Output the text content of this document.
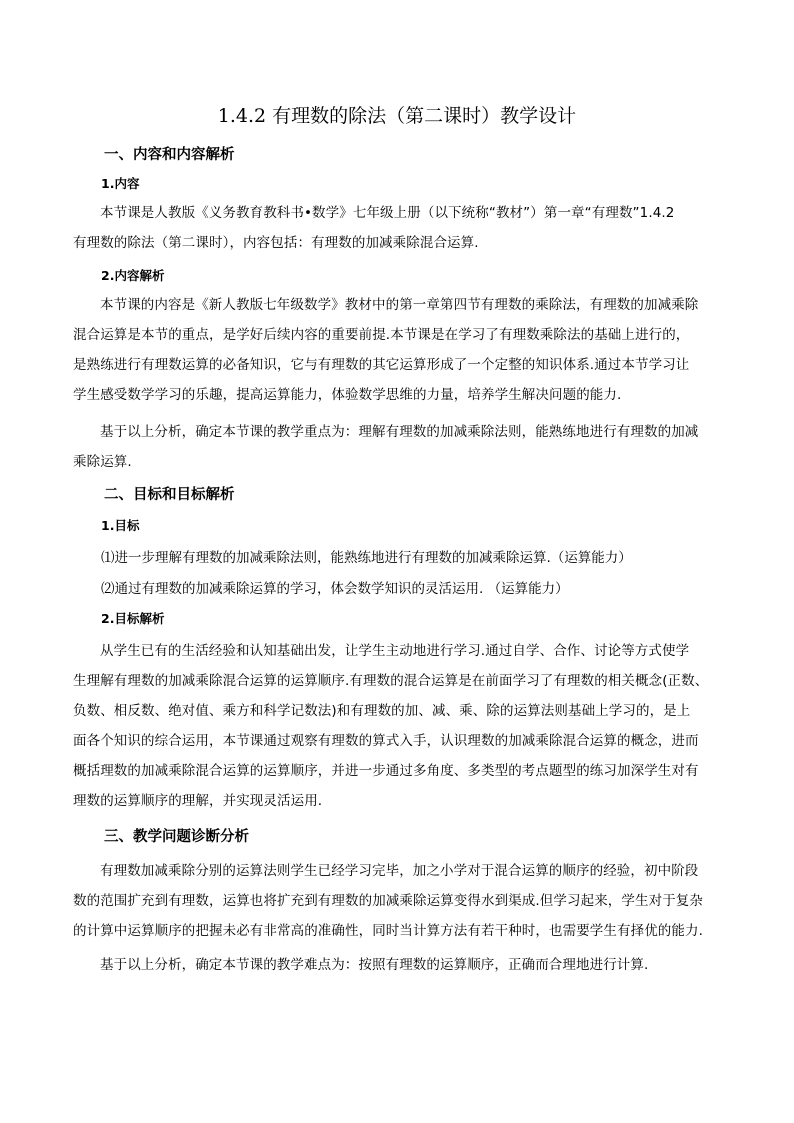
1.4.2 有理数的除法（第二课时）教学设计
一、内容和内容解析
1.内容
本节课是人教版《义务教育教科书•数学》七年级上册（以下统称“教材”）第一章“有理数”1.4.2
有理数的除法（第二课时），内容包括：有理数的加减乘除混合运算.
2.内容解析
本节课的内容是《新人教版七年级数学》教材中的第一章第四节有理数的乘除法，有理数的加减乘除
混合运算是本节的重点，是学好后续内容的重要前提.本节课是在学习了有理数乘除法的基础上进行的，
是熟练进行有理数运算的必备知识，它与有理数的其它运算形成了一个定整的知识体系.通过本节学习让
学生感受数学学习的乐趣，提高运算能力，体验数学思维的力量，培养学生解决问题的能力.
基于以上分析，确定本节课的教学重点为：理解有理数的加减乘除法则，能熟练地进行有理数的加减
乘除运算.
二、目标和目标解析
1.目标
⑴进一步理解有理数的加减乘除法则，能熟练地进行有理数的加减乘除运算.（运算能力）
⑵通过有理数的加减乘除运算的学习，体会数学知识的灵活运用. （运算能力）
2.目标解析
从学生已有的生活经验和认知基础出发，让学生主动地进行学习.通过自学、合作、讨论等方式使学
生理解有理数的加减乘除混合运算的运算顺序.有理数的混合运算是在前面学习了有理数的相关概念(正数、
负数、相反数、绝对值、乘方和科学记数法)和有理数的加、减、乘、除的运算法则基础上学习的，是上
面各个知识的综合运用，本节课通过观察有理数的算式入手，认识理数的加减乘除混合运算的概念，进而
概括理数的加减乘除混合运算的运算顺序，并进一步通过多角度、多类型的考点题型的练习加深学生对有
理数的运算顺序的理解，并实现灵活运用.
三、教学问题诊断分析
有理数加减乘除分别的运算法则学生已经学习完毕，加之小学对于混合运算的顺序的经验，初中阶段
数的范围扩充到有理数，运算也将扩充到有理数的加减乘除运算变得水到渠成.但学习起来，学生对于复杂
的计算中运算顺序的把握未必有非常高的准确性，同时当计算方法有若干种时，也需要学生有择优的能力.
基于以上分析，确定本节课的教学难点为：按照有理数的运算顺序，正确而合理地进行计算.
